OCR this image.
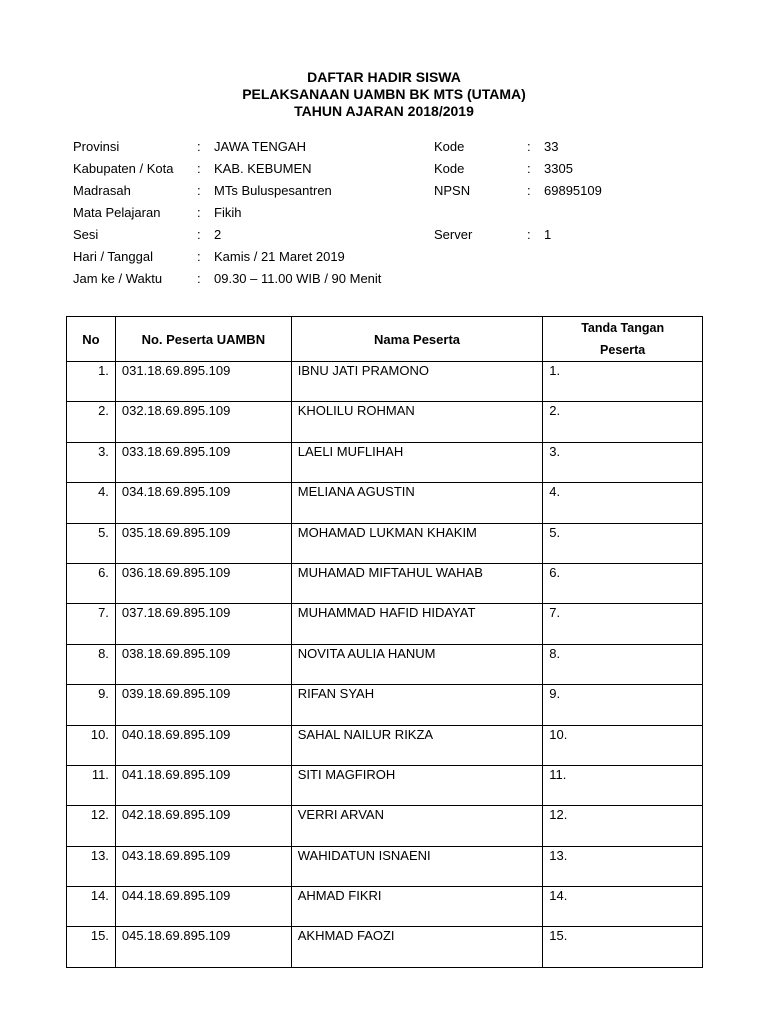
DAFTAR HADIR SISWA
PELAKSANAAN UAMBN BK MTS (UTAMA)
TAHUN AJARAN 2018/2019
Provinsi	: JAWA TENGAH	Kode	: 33
Kabupaten / Kota : KAB. KEBUMEN	Kode	: 3305
Madrasah	: MTs Buluspesantren	NPSN	: 69895109
Mata Pelajaran	: Fikih
Sesi	: 2	Server	: 1
Hari / Tanggal	: Kamis / 21 Maret 2019
Jam ke / Waktu	: 09.30 – 11.00 WIB / 90 Menit
No	No. Peserta UAMBN	Nama Peserta	Tanda Tangan
Peserta

1.	031.18.69.895.109	IBNU JATI PRAMONO	1.
2.	032.18.69.895.109	KHOLILU ROHMAN	2.
3.	033.18.69.895.109	LAELI MUFLIHAH	3.
4.	034.18.69.895.109	MELIANA AGUSTIN	4.
5.	035.18.69.895.109	MOHAMAD LUKMAN KHAKIM	5.
6.	036.18.69.895.109	MUHAMAD MIFTAHUL WAHAB	6.
7.	037.18.69.895.109	MUHAMMAD HAFID HIDAYAT	7.
8.	038.18.69.895.109	NOVITA AULIA HANUM	8.
9.	039.18.69.895.109	RIFAN SYAH	9.
10.	040.18.69.895.109	SAHAL NAILUR RIKZA	10.
11.	041.18.69.895.109	SITI MAGFIROH	11.
12.	042.18.69.895.109	VERRI ARVAN	12.
13.	043.18.69.895.109	WAHIDATUN ISNAENI	13.
14.	044.18.69.895.109	AHMAD FIKRI	14.
15.	045.18.69.895.109	AKHMAD FAOZI	15.
